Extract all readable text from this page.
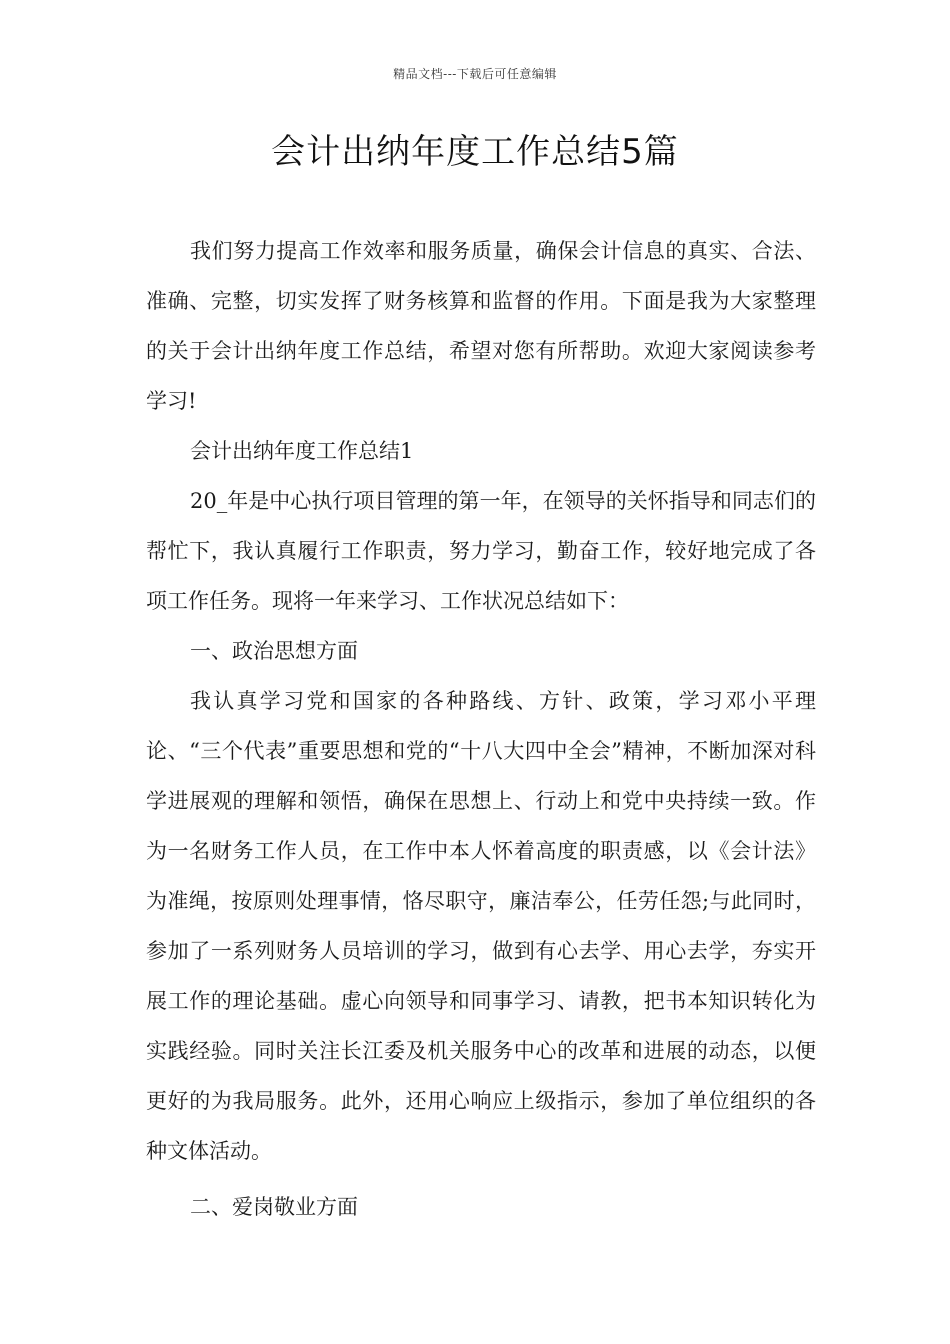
精品文档---下载后可任意编辑
会计出纳年度工作总结5篇

我们努力提高工作效率和服务质量，确保会计信息的真实、合法、准确、完整，切实发挥了财务核算和监督的作用。下面是我为大家整理的关于会计出纳年度工作总结，希望对您有所帮助。欢迎大家阅读参考学习!

会计出纳年度工作总结1

20_年是中心执行项目管理的第一年，在领导的关怀指导和同志们的帮忙下，我认真履行工作职责，努力学习，勤奋工作，较好地完成了各项工作任务。现将一年来学习、工作状况总结如下：

一、政治思想方面

我认真学习党和国家的各种路线、方针、政策，学习邓小平理论、“三个代表”重要思想和党的“十八大四中全会”精神，不断加深对科学进展观的理解和领悟，确保在思想上、行动上和党中央持续一致。作为一名财务工作人员，在工作中本人怀着高度的职责感，以《会计法》为准绳，按原则处理事情，恪尽职守，廉洁奉公，任劳任怨;与此同时，参加了一系列财务人员培训的学习，做到有心去学、用心去学，夯实开展工作的理论基础。虚心向领导和同事学习、请教，把书本知识转化为实践经验。同时关注长江委及机关服务中心的改革和进展的动态，以便更好的为我局服务。此外，还用心响应上级指示，参加了单位组织的各种文体活动。

二、爱岗敬业方面
